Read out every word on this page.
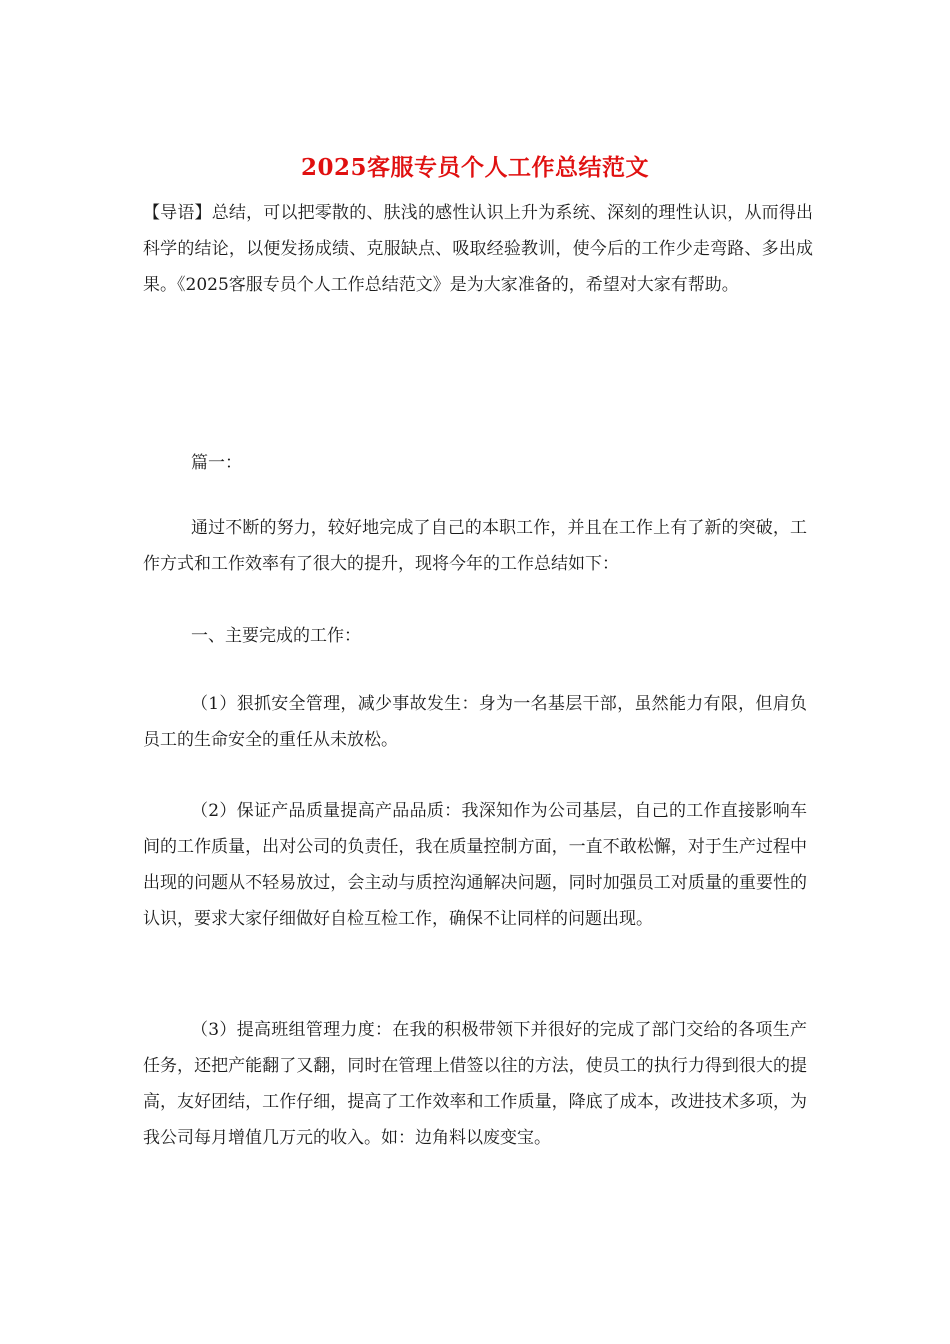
2025客服专员个人工作总结范文

【导语】总结，可以把零散的、肤浅的感性认识上升为系统、深刻的理性认识，从而得出科学的结论，以便发扬成绩、克服缺点、吸取经验教训，使今后的工作少走弯路、多出成果。《2025客服专员个人工作总结范文》是为大家准备的，希望对大家有帮助。

篇一：

通过不断的努力，较好地完成了自己的本职工作，并且在工作上有了新的突破，工作方式和工作效率有了很大的提升，现将今年的工作总结如下：

一、主要完成的工作：

（1）狠抓安全管理，减少事故发生：身为一名基层干部，虽然能力有限，但肩负员工的生命安全的重任从未放松。

（2）保证产品质量提高产品品质：我深知作为公司基层，自己的工作直接影响车间的工作质量，出对公司的负责任，我在质量控制方面，一直不敢松懈，对于生产过程中出现的问题从不轻易放过，会主动与质控沟通解决问题，同时加强员工对质量的重要性的认识，要求大家仔细做好自检互检工作，确保不让同样的问题出现。

（3）提高班组管理力度：在我的积极带领下并很好的完成了部门交给的各项生产任务，还把产能翻了又翻，同时在管理上借签以往的方法，使员工的执行力得到很大的提高，友好团结，工作仔细，提高了工作效率和工作质量，降底了成本，改进技术多项，为我公司每月增值几万元的收入。如：边角料以废变宝。
